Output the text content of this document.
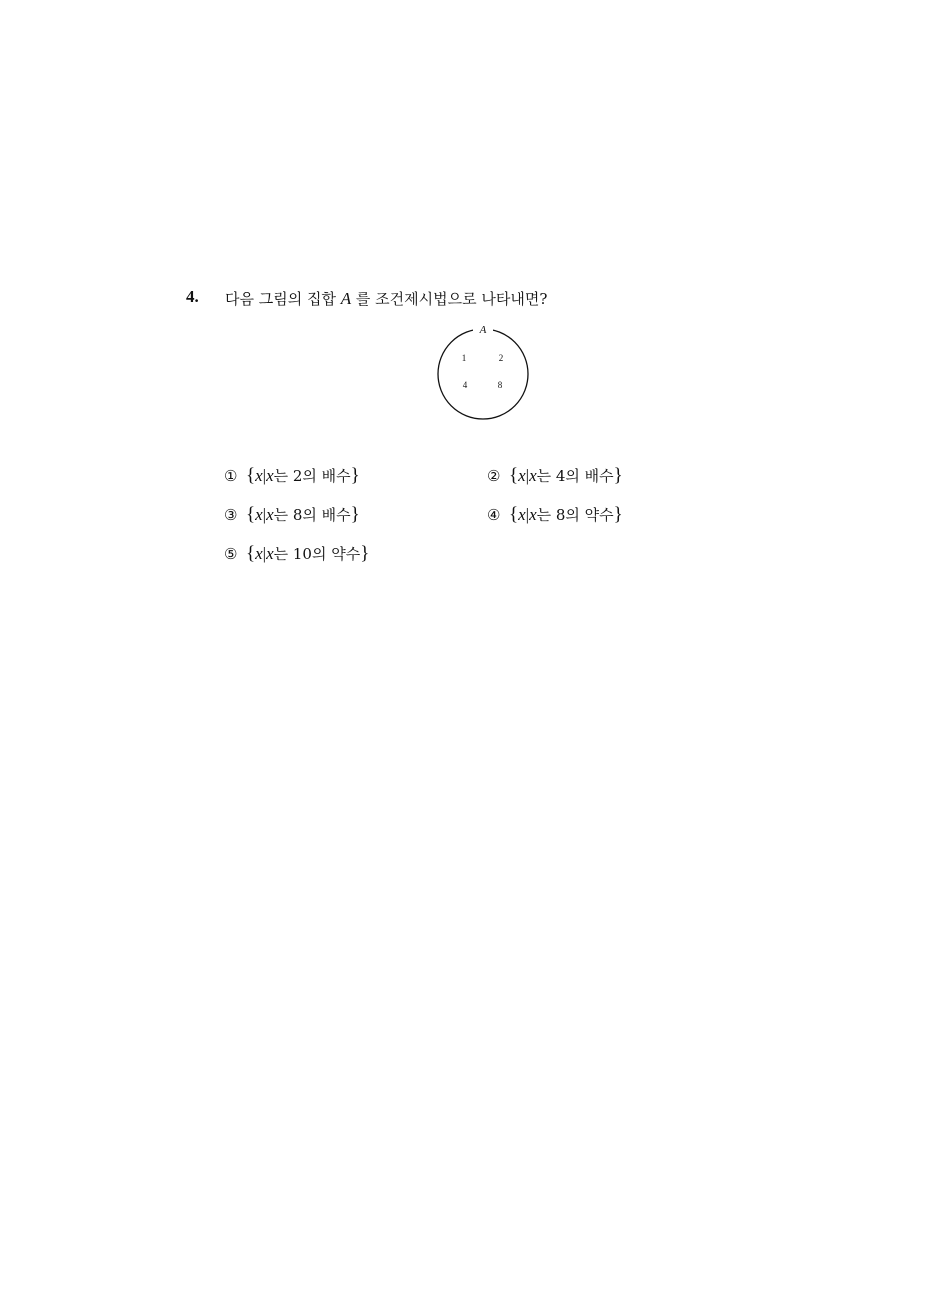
4. 다음 그림의 집합 A 를 조건제시법으로 나타내면?
A
1	2
4	8
① {x|x는 2의 배수}	② {x|x는 4의 배수}
③ {x|x는 8의 배수}	④ {x|x는 8의 약수}
⑤ {x|x는 10의 약수}
